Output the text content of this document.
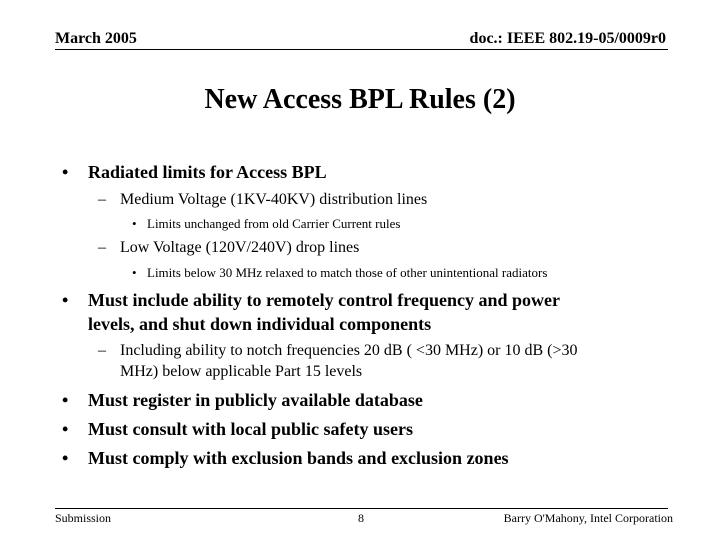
March 2005	doc.: IEEE 802.19-05/0009r0
New Access BPL Rules (2)
• Radiated limits for Access BPL
– Medium Voltage (1KV-40KV) distribution lines
• Limits unchanged from old Carrier Current rules
– Low Voltage (120V/240V) drop lines
• Limits below 30 MHz relaxed to match those of other unintentional radiators
• Must include ability to remotely control frequency and power
levels, and shut down individual components
– Including ability to notch frequencies 20 dB ( <30 MHz) or 10 dB (>30
MHz) below applicable Part 15 levels
• Must register in publicly available database
• Must consult with local public safety users
• Must comply with exclusion bands and exclusion zones
Submission	8	Barry O'Mahony, Intel Corporation
